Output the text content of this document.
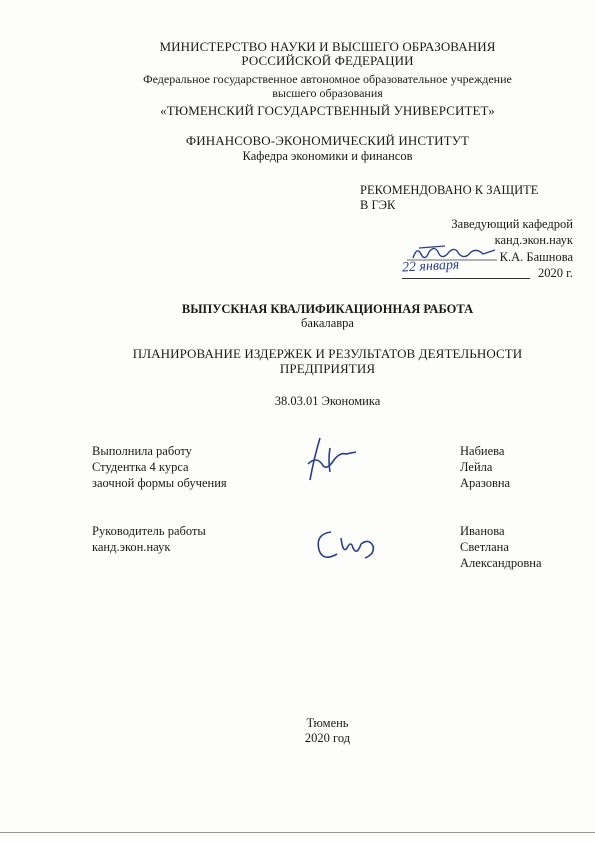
МИНИСТЕРСТВО НАУКИ И ВЫСШЕГО ОБРАЗОВАНИЯ
РОССИЙСКОЙ ФЕДЕРАЦИИ
Федеральное государственное автономное образовательное учреждение
высшего образования
«ТЮМЕНСКИЙ ГОСУДАРСТВЕННЫЙ УНИВЕРСИТЕТ»
ФИНАНСОВО-ЭКОНОМИЧЕСКИЙ ИНСТИТУТ
Кафедра экономики и финансов
РЕКОМЕНДОВАНО К ЗАЩИТЕ
В ГЭК
Заведующий кафедрой
канд.экон.наук
К.А. Башнова
22 января	2020 г.
ВЫПУСКНАЯ КВАЛИФИКАЦИОННАЯ РАБОТА
бакалавра
ПЛАНИРОВАНИЕ ИЗДЕРЖЕК И РЕЗУЛЬТАТОВ ДЕЯТЕЛЬНОСТИ
ПРЕДПРИЯТИЯ
38.03.01 Экономика
Выполнила работу
Студентка 4 курса
заочной формы обучения
Набиева
Лейла
Аразовна
Руководитель работы
канд.экон.наук
Иванова
Светлана
Александровна
Тюмень
2020 год
